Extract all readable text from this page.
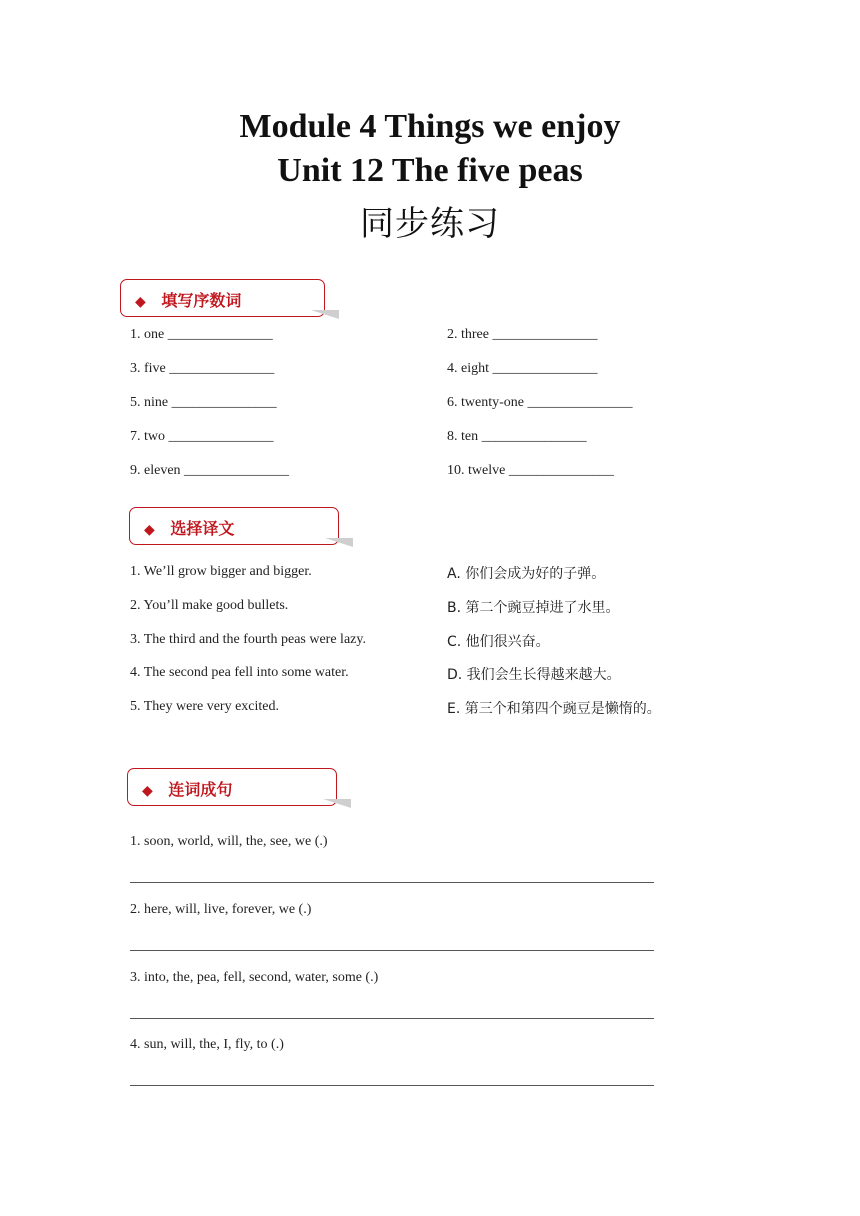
Module 4 Things we enjoy
Unit 12 The five peas
同步练习
◆ 填写序数词
1. one _______________	2. three _______________
3. five _______________	4. eight _______________
5. nine _______________	6. twenty-one _______________
7. two _______________	8. ten _______________
9. eleven _______________	10. twelve _______________
◆ 选择译文
1. We’ll grow bigger and bigger.
2. You’ll make good bullets.
3. The third and the fourth peas were lazy.
4. The second pea fell into some water.
5. They were very excited.
A. 你们会成为好的子弹。
B. 第二个豌豆掉进了水里。
C. 他们很兴奋。
D. 我们会生长得越来越大。
E. 第三个和第四个豌豆是懒惰的。
◆ 连词成句
1. soon, world, will, the, see, we (.)
2. here, will, live, forever, we (.)
3. into, the, pea, fell, second, water, some (.)
4. sun, will, the, I, fly, to (.)
